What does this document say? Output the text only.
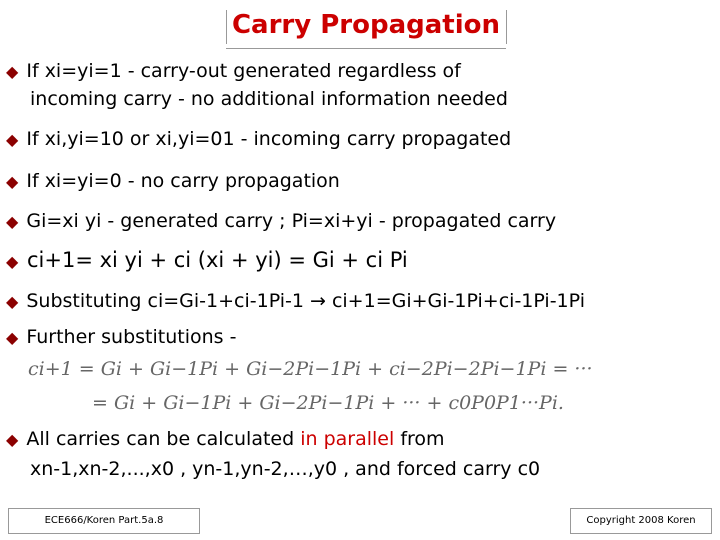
Carry Propagation
◆ If xi=yi=1 - carry-out generated regardless of
incoming carry - no additional information needed
◆ If xi,yi=10 or xi,yi=01 - incoming carry propagated
◆ If xi=yi=0 - no carry propagation
◆ Gi=xi yi - generated carry ; Pi=xi+yi - propagated carry
◆ ci+1= xi yi + ci (xi + yi) = Gi + ci Pi
◆ Substituting ci=Gi-1+ci-1Pi-1 → ci+1=Gi+Gi-1Pi+ci-1Pi-1Pi
◆ Further substitutions -
ci+1 = Gi + Gi−1Pi + Gi−2Pi−1Pi + ci−2Pi−2Pi−1Pi = ···
= Gi + Gi−1Pi + Gi−2Pi−1Pi + ··· + c0P0P1···Pi.
◆ All carries can be calculated in parallel from
xn-1,xn-2,...,x0 , yn-1,yn-2,…,y0 , and forced carry c0
ECE666/Koren Part.5a.8	Copyright 2008 Koren
